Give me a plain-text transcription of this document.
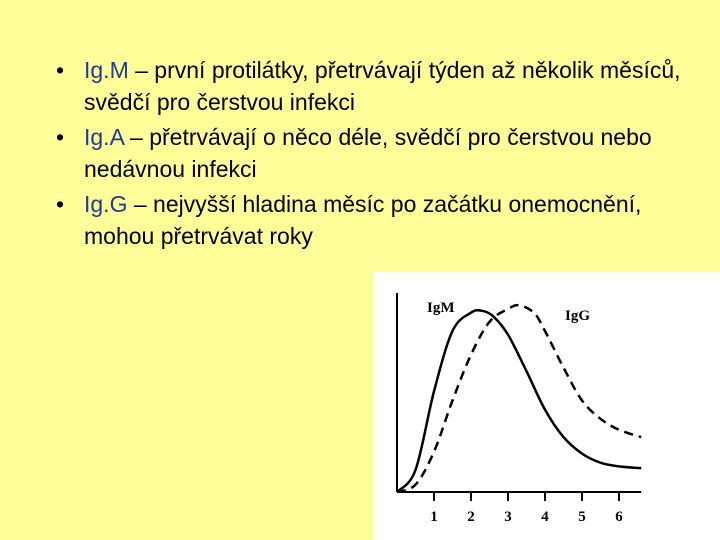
• Ig.M – první protilátky, přetrvávají týden až několik měsíců, svědčí pro čerstvou infekci
• Ig.A – přetrvávají o něco déle, svědčí pro čerstvou nebo nedávnou infekci
• Ig.G – nejvyšší hladina měsíc po začátku onemocnění, mohou přetrvávat roky
1 2 3 4 5 6
IgM	IgG
